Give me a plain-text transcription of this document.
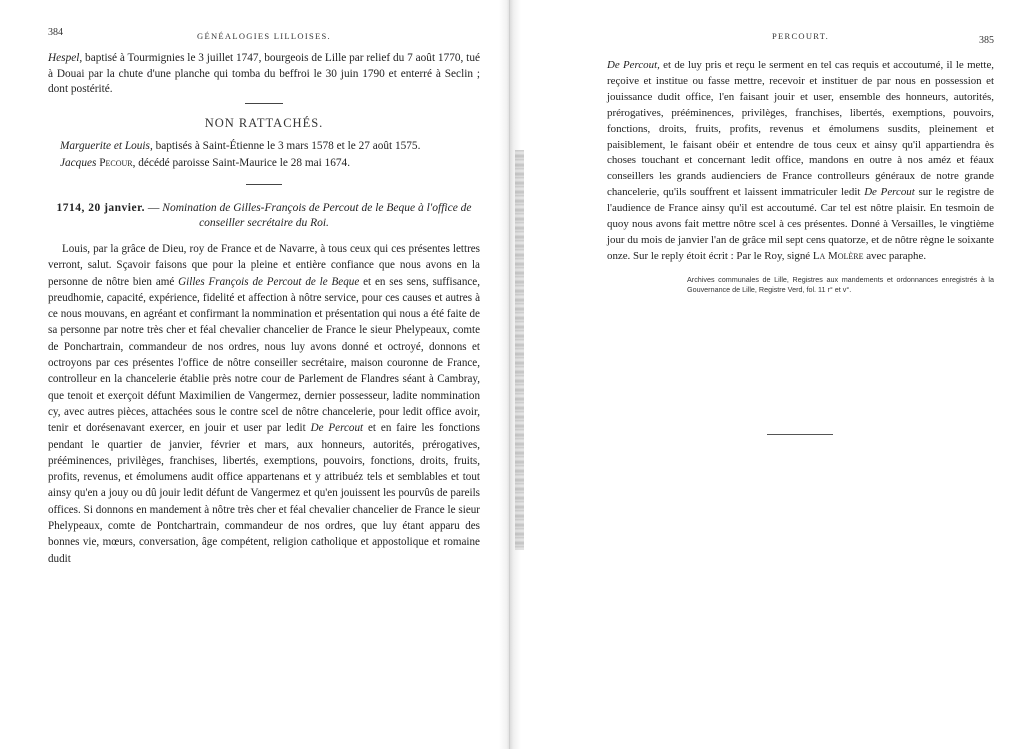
384	GÉNÉALOGIES LILLOISES.

Hespel, baptisé à Tourmignies le 3 juillet 1747, bourgeois de Lille par relief du 7 août 1770, tué à Douai par la chute d'une planche qui tomba du beffroi le 30 juin 1790 et enterré à Seclin ; dont postérité.

NON RATTACHÉS.

Marguerite et Louis, baptisés à Saint-Étienne le 3 mars 1578 et le 27 août 1575.

Jacques Pecour, décédé paroisse Saint-Maurice le 28 mai 1674.

1714, 20 janvier. — Nomination de Gilles-François de Percout de le Beque à l'office de conseiller secrétaire du Roi.

Louis, par la grâce de Dieu, roy de France et de Navarre, à tous ceux qui ces présentes lettres verront, salut. Sçavoir faisons que pour la pleine et entière confiance que nous avons en la personne de nôtre bien amé Gilles François de Percout de le Beque et en ses sens, suffisance, preudhomie, capacité, expérience, fidelité et affection à nôtre service, pour ces causes et autres à ce nous mouvans, en agréant et confirmant la nommination et présentation qui nous a été faite de sa personne par notre très cher et féal chevalier chancelier de France le sieur Phelypeaux, comte de Ponchartrain, commandeur de nos ordres, nous luy avons donné et octroyé, donnons et octroyons par ces présentes l'office de nôtre conseiller secrétaire, maison couronne de France, controlleur en la chancelerie établie près notre cour de Parlement de Flandres séant à Cambray, que tenoit et exerçoit défunt Maximilien de Vangermez, dernier possesseur, ladite nommination cy, avec autres pièces, attachées sous le contre scel de nôtre chancelerie, pour ledit office avoir, tenir et dorésenavant exercer, en jouir et user par ledit De Percout et en faire les fonctions pendant le quartier de janvier, février et mars, aux honneurs, autorités, prérogatives, prééminences, privilèges, franchises, libertés, exemptions, pouvoirs, fonctions, droits, fruits, profits, revenus, et émolumens audit office appartenans et y attribuéz tels et semblables et tout ainsy qu'en a jouy ou dû jouir ledit défunt de Vangermez et qu'en jouissent les pourvûs de pareils offices. Si donnons en mandement à nôtre très cher et féal chevalier chancelier de France le sieur Phelypeaux, comte de Pontchartrain, commandeur de nos ordres, que luy étant apparu des bonnes vie, mœurs, conversation, âge compétent, religion catholique et appostolique et romaine dudit

PERCOURT.	385

De Percout, et de luy pris et reçu le serment en tel cas requis et accoutumé, il le mette, reçoive et institue ou fasse mettre, recevoir et instituer de par nous en possession et jouissance dudit office, l'en faisant jouir et user, ensemble des honneurs, autorités, prérogatives, prééminences, privilèges, franchises, libertés, exemptions, pouvoirs, fonctions, droits, fruits, profits, revenus et émolumens susdits, pleinement et paisiblement, le faisant obéir et entendre de tous ceux et ainsy qu'il appartiendra ès choses touchant et concernant ledit office, mandons en outre à nos améz et féaux conseillers les grands audienciers de France controlleurs généraux de notre grande chancelerie, qu'ils souffrent et laissent immatriculer ledit De Percout sur le registre de l'audience de France ainsy qu'il est accoutumé. Car tel est nôtre plaisir. En tesmoin de quoy nous avons fait mettre nôtre scel à ces présentes. Donné à Versailles, le vingtième jour du mois de janvier l'an de grâce mil sept cens quatorze, et de nôtre règne le soixante onze. Sur le reply étoit écrit : Par le Roy, signé La Molère avec paraphe.

Archives communales de Lille, Registres aux mandements et ordonnances enregistrés à la Gouvernance de Lille, Registre Verd, fol. 11 r° et v°.
